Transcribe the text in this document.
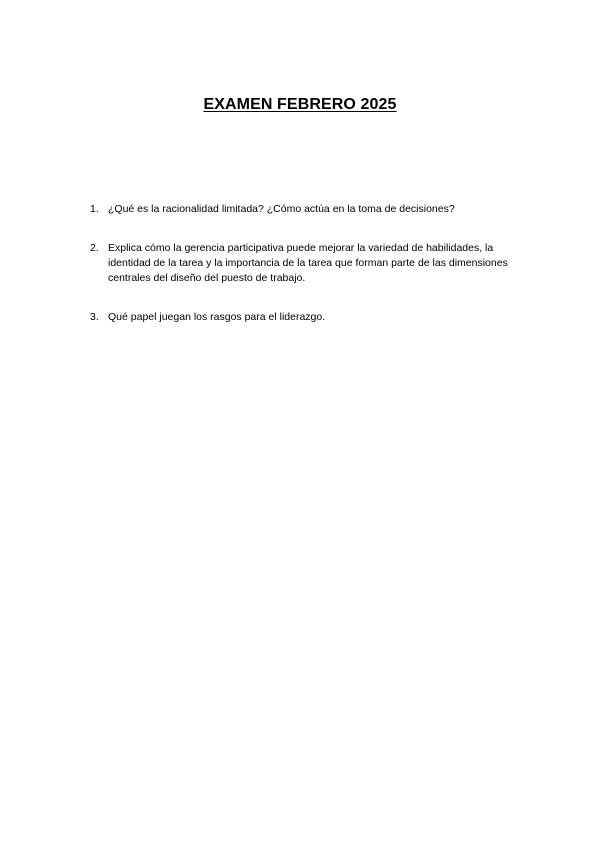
EXAMEN FEBRERO 2025
1. ¿Qué es la racionalidad limitada? ¿Cómo actúa en la toma de decisiones?
2. Explica cómo la gerencia participativa puede mejorar la variedad de habilidades, la identidad de la tarea y la importancia de la tarea que forman parte de las dimensiones centrales del diseño del puesto de trabajo.
3. Qué papel juegan los rasgos para el liderazgo.
